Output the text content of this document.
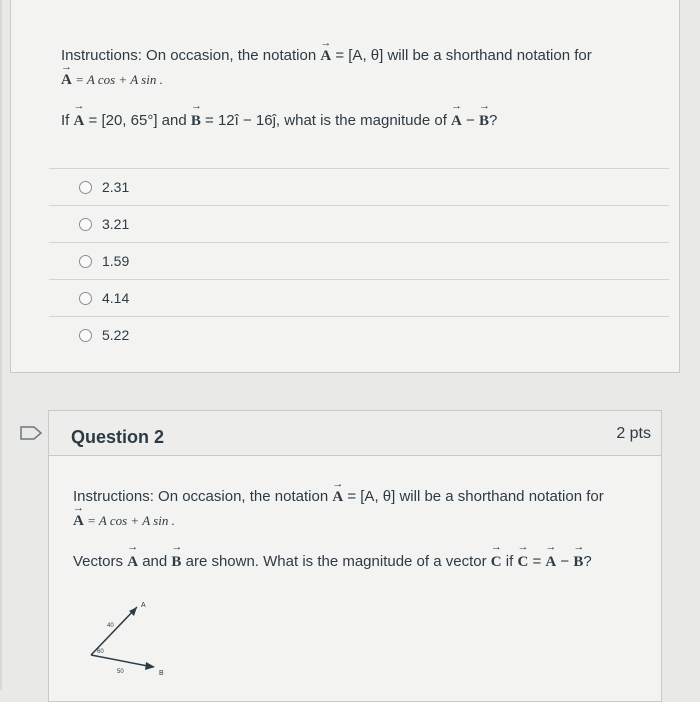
Instructions: On occasion, the notation → A = [A, θ] will be a shorthand notation for
→ A = A cos + A sin .
If → A = [20, 65°] and → B = 12î − 16ĵ, what is the magnitude of → A − → B?
2.31
3.21
1.59
4.14
5.22
Question 2	2 pts
Instructions: On occasion, the notation → A = [A, θ] will be a shorthand notation for
→ A = A cos + A sin .
Vectors → A and → B are shown. What is the magnitude of a vector → C if → C = → A − → B?
A
B
40
60
50
